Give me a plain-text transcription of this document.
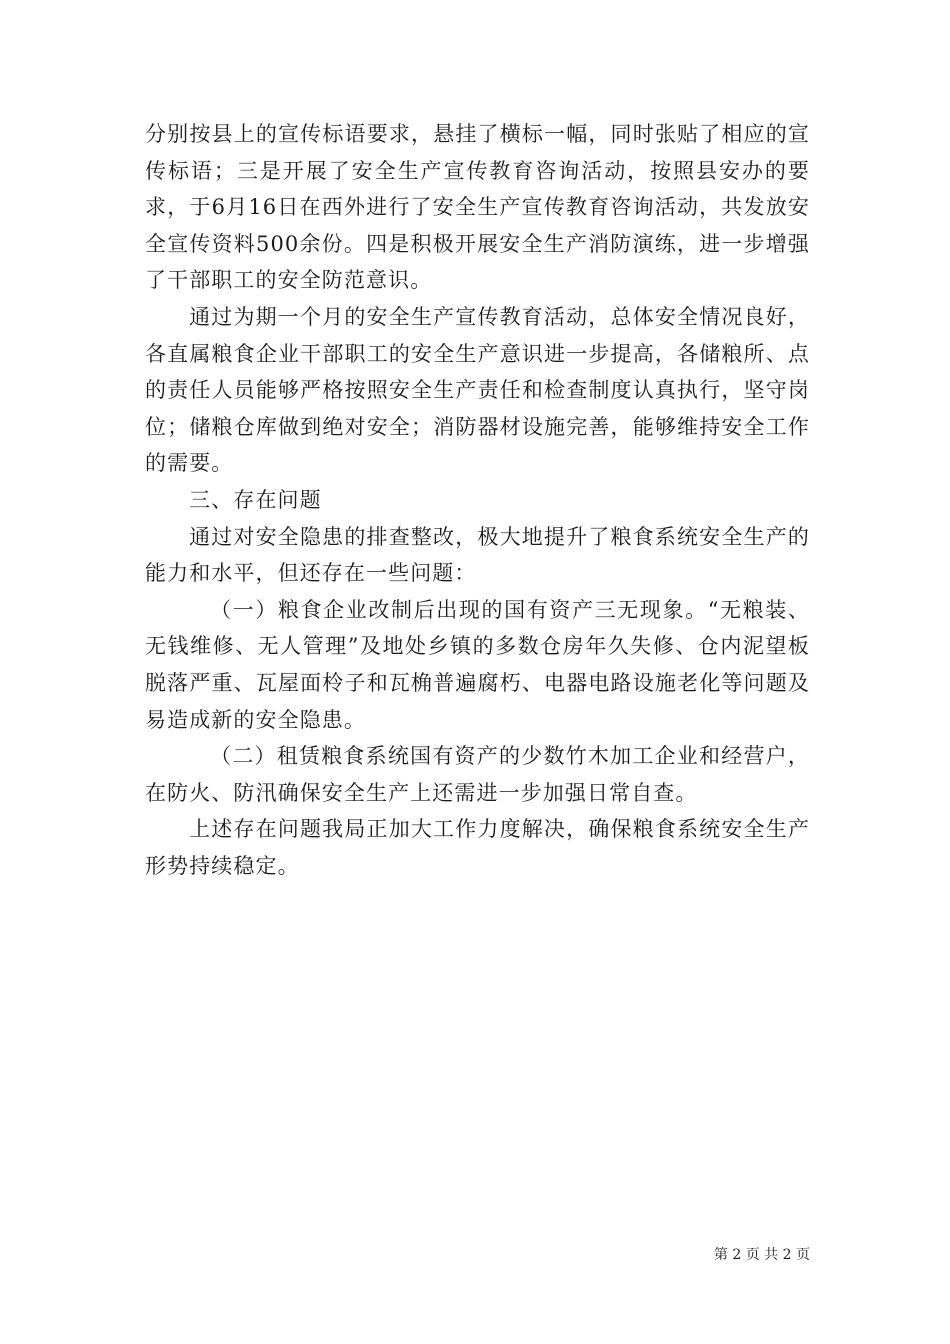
分别按县上的宣传标语要求，悬挂了横标一幅，同时张贴了相应的宣传标语；三是开展了安全生产宣传教育咨询活动，按照县安办的要求，于6月16日在西外进行了安全生产宣传教育咨询活动，共发放安全宣传资料500余份。四是积极开展安全生产消防演练，进一步增强了干部职工的安全防范意识。

通过为期一个月的安全生产宣传教育活动，总体安全情况良好，各直属粮食企业干部职工的安全生产意识进一步提高，各储粮所、点的责任人员能够严格按照安全生产责任和检查制度认真执行，坚守岗位；储粮仓库做到绝对安全；消防器材设施完善，能够维持安全工作的需要。

三、存在问题

通过对安全隐患的排查整改，极大地提升了粮食系统安全生产的能力和水平，但还存在一些问题：

（一）粮食企业改制后出现的国有资产三无现象。“无粮装、无钱维修、无人管理”及地处乡镇的多数仓房年久失修、仓内泥望板脱落严重、瓦屋面柃子和瓦桷普遍腐朽、电器电路设施老化等问题及易造成新的安全隐患。

（二）租赁粮食系统国有资产的少数竹木加工企业和经营户，在防火、防汛确保安全生产上还需进一步加强日常自查。

上述存在问题我局正加大工作力度解决，确保粮食系统安全生产形势持续稳定。

第 2 页 共 2 页
